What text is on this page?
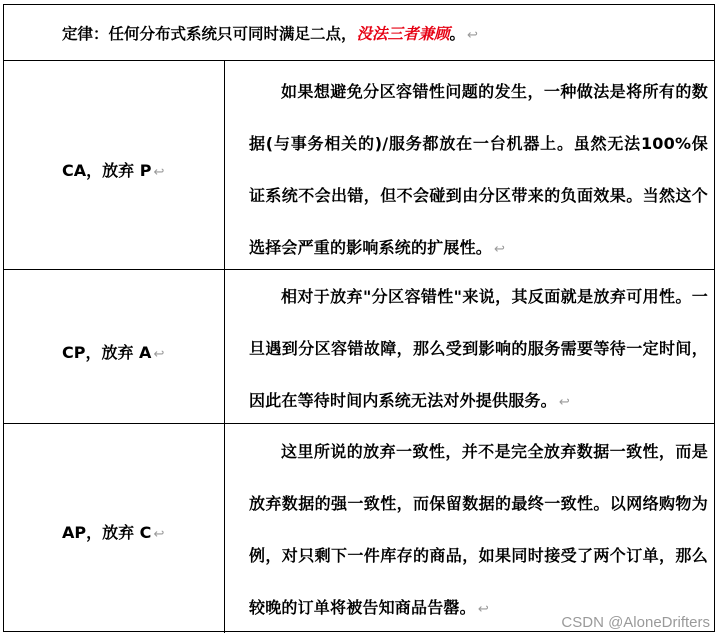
定律：任何分布式系统只可同时满足二点，没法三者兼顾。 ↩
CA，放弃 P ↩
如果想避免分区容错性问题的发生，一种做法是将所有的数据(与事务相关的)/服务都放在一台机器上。虽然无法100%保证系统不会出错，但不会碰到由分区带来的负面效果。当然这个选择会严重的影响系统的扩展性。 ↩
CP，放弃 A ↩
相对于放弃"分区容错性"来说，其反面就是放弃可用性。一旦遇到分区容错故障，那么受到影响的服务需要等待一定时间，因此在等待时间内系统无法对外提供服务。 ↩
AP，放弃 C ↩
这里所说的放弃一致性，并不是完全放弃数据一致性，而是放弃数据的强一致性，而保留数据的最终一致性。以网络购物为例，对只剩下一件库存的商品，如果同时接受了两个订单，那么较晚的订单将被告知商品告罄。 ↩
CSDN @AloneDrifters
